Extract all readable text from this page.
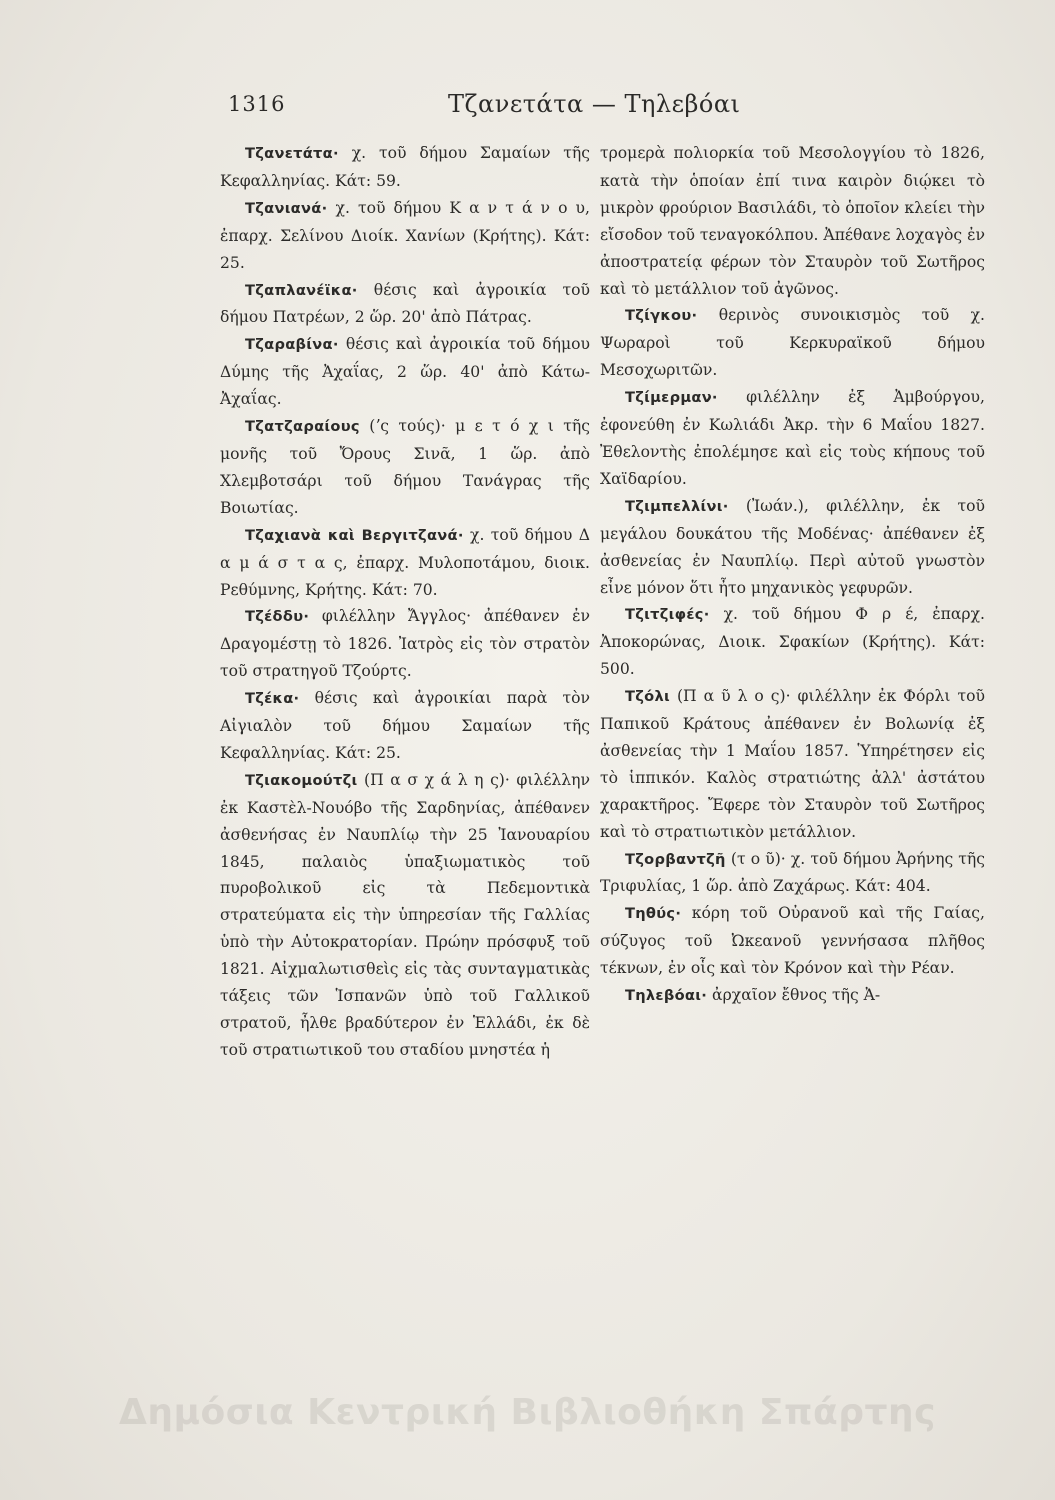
1316	Τζανετάτα — Τηλεβόαι

Τζανετάτα· χ. τοῦ δήμου Σαμαίων τῆς Κεφαλληνίας. Κάτ: 59.

Τζανιανά· χ. τοῦ δήμου Κ α ν τ ά ν ο υ, ἐπαρχ. Σελίνου Διοίκ. Χανίων (Κρήτης). Κάτ: 25.

Τζαπλανέϊκα· θέσις καὶ ἀγροικία τοῦ δήμου Πατρέων, 2 ὥρ. 20' ἀπὸ Πάτρας.

Τζαραβίνα· θέσις καὶ ἀγροικία τοῦ δήμου Δύμης τῆς Ἀχαΐας, 2 ὥρ. 40' ἀπὸ Κάτω-Ἀχαΐας.

Τζατζαραίους (ʼς τούς)· μ ε τ ό χ ι τῆς μονῆς τοῦ Ὄρους Σινᾶ, 1 ὥρ. ἀπὸ Χλεμβοτσάρι τοῦ δήμου Τανάγρας τῆς Βοιωτίας.

Τζαχιανὰ καὶ Βεργιτζανά· χ. τοῦ δήμου Δ α μ ά σ τ α ς, ἐπαρχ. Μυλοποτάμου, διοικ. Ρεθύμνης, Κρήτης. Κάτ: 70.

Τζέδδυ· φιλέλλην Ἄγγλος· ἀπέθανεν ἐν Δραγομέστῃ τὸ 1826. Ἰατρὸς εἰς τὸν στρατὸν τοῦ στρατηγοῦ Τζούρτς.

Τζέκα· θέσις καὶ ἀγροικίαι παρὰ τὸν Αἰγιαλὸν τοῦ δήμου Σαμαίων τῆς Κεφαλληνίας. Κάτ: 25.

Τζιακομούτζι (Π α σ χ ά λ η ς)· φιλέλλην ἐκ Καστὲλ-Νουόβο τῆς Σαρδηνίας, ἀπέθανεν ἀσθενήσας ἐν Ναυπλίῳ τὴν 25 Ἰανουαρίου 1845, παλαιὸς ὑπαξιωματικὸς τοῦ πυροβολικοῦ εἰς τὰ Πεδεμοντικὰ στρατεύματα εἰς τὴν ὑπηρεσίαν τῆς Γαλλίας ὑπὸ τὴν Αὐτοκρατορίαν. Πρώην πρόσφυξ τοῦ 1821. Αἰχμαλωτισθεὶς εἰς τὰς συνταγματικὰς τάξεις τῶν Ἱσπανῶν ὑπὸ τοῦ Γαλλικοῦ στρατοῦ, ἦλθε βραδύτερον ἐν Ἑλλάδι, ἐκ δὲ τοῦ στρατιωτικοῦ του σταδίου μνηστέα ἡ

τρομερὰ πολιορκία τοῦ Μεσολογγίου τὸ 1826, κατὰ τὴν ὁποίαν ἐπί τινα καιρὸν διῴκει τὸ μικρὸν φρούριον Βασιλάδι, τὸ ὁποῖον κλείει τὴν εἴσοδον τοῦ τεναγοκόλπου. Ἀπέθανε λοχαγὸς ἐν ἀποστρατείᾳ φέρων τὸν Σταυρὸν τοῦ Σωτῆρος καὶ τὸ μετάλλιον τοῦ ἀγῶνος.

Τζίγκου· θερινὸς συνοικισμὸς τοῦ χ. Ψωραροὶ τοῦ Κερκυραϊκοῦ δήμου Μεσοχωριτῶν.

Τζίμερμαν· φιλέλλην ἐξ Ἀμβούργου, ἐφονεύθη ἐν Κωλιάδι Ἀκρ. τὴν 6 Μαΐου 1827. Ἐθελοντὴς ἐπολέμησε καὶ εἰς τοὺς κήπους τοῦ Χαϊδαρίου.

Τζιμπελλίνι· (Ἰωάν.), φιλέλλην, ἐκ τοῦ μεγάλου δουκάτου τῆς Μοδένας· ἀπέθανεν ἐξ ἀσθενείας ἐν Ναυπλίῳ. Περὶ αὐτοῦ γνωστὸν εἶνε μόνον ὅτι ἦτο μηχανικὸς γεφυρῶν.

Τζιτζιφές· χ. τοῦ δήμου Φ ρ έ, ἐπαρχ. Ἀποκορώνας, Διοικ. Σφακίων (Κρήτης). Κάτ: 500.

Τζόλι (Π α ῦ λ ο ς)· φιλέλλην ἐκ Φόρλι τοῦ Παπικοῦ Κράτους ἀπέθανεν ἐν Βολωνίᾳ ἐξ ἀσθενείας τὴν 1 Μαΐου 1857. Ὑπηρέτησεν εἰς τὸ ἱππικόν. Καλὸς στρατιώτης ἀλλ' ἀστάτου χαρακτῆρος. Ἔφερε τὸν Σταυρὸν τοῦ Σωτῆρος καὶ τὸ στρατιωτικὸν μετάλλιον.

Τζορβαντζῆ (τ ο ῦ)· χ. τοῦ δήμου Ἀρήνης τῆς Τριφυλίας, 1 ὥρ. ἀπὸ Ζαχάρως. Κάτ: 404.

Τηθύς· κόρη τοῦ Οὐρανοῦ καὶ τῆς Γαίας, σύζυγος τοῦ Ὠκεανοῦ γεννήσασα πλῆθος τέκνων, ἐν οἷς καὶ τὸν Κρόνον καὶ τὴν Ρέαν.

Τηλεβόαι· ἀρχαῖον ἔθνος τῆς Ἀ-

Δημόσια Κεντρική Βιβλιοθήκη Σπάρτης
